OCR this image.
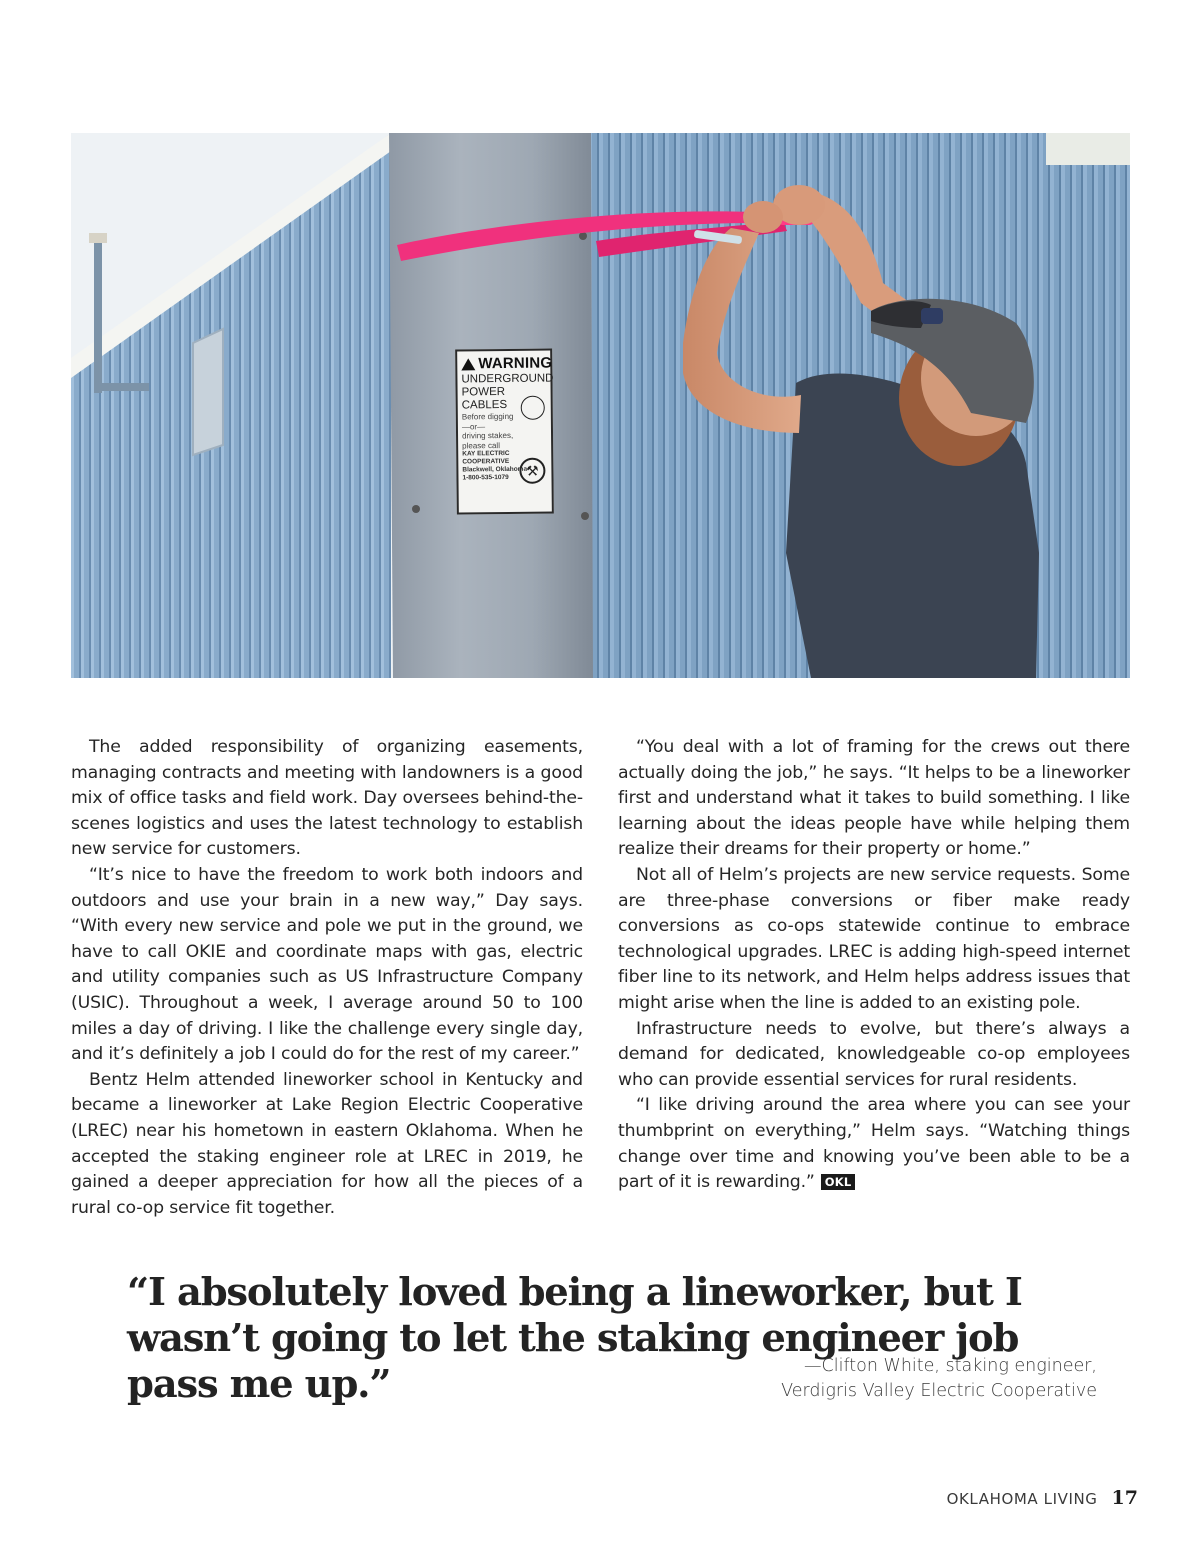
WARNING
UNDERGROUND
POWER
CABLES
Before digging
—or—
driving stakes,
please call
KAY ELECTRIC
COOPERATIVE
Blackwell, Oklahoma
1-800-535-1079	⚒

The added responsibility of organizing easements, managing contracts and meeting with landowners is a good mix of office tasks and field work. Day oversees behind-the-scenes logistics and uses the latest technology to establish new service for customers.

“It’s nice to have the freedom to work both indoors and outdoors and use your brain in a new way,” Day says. “With every new service and pole we put in the ground, we have to call OKIE and coordinate maps with gas, electric and utility companies such as US Infrastructure Company (USIC). Throughout a week, I average around 50 to 100 miles a day of driving. I like the challenge every single day, and it’s definitely a job I could do for the rest of my career.”

Bentz Helm attended lineworker school in Kentucky and became a lineworker at Lake Region Electric Cooperative (LREC) near his hometown in eastern Oklahoma. When he accepted the staking engineer role at LREC in 2019, he gained a deeper appreciation for how all the pieces of a rural co-op service fit together.

“You deal with a lot of framing for the crews out there actually doing the job,” he says. “It helps to be a lineworker first and understand what it takes to build something. I like learning about the ideas people have while helping them realize their dreams for their property or home.”

Not all of Helm’s projects are new service requests. Some are three-phase conversions or fiber make ready conversions as co-ops statewide continue to embrace technological upgrades. LREC is adding high-speed internet fiber line to its network, and Helm helps address issues that might arise when the line is added to an existing pole.

Infrastructure needs to evolve, but there’s always a demand for dedicated, knowledgeable co-op employees who can provide essential services for rural residents.

“I like driving around the area where you can see your thumbprint on everything,” Helm says. “Watching things change over time and knowing you’ve been able to be a part of it is rewarding.” OKL

“I absolutely loved being a lineworker, but I wasn’t going to let the staking engineer job pass me up.”	—Clifton White, staking engineer,
Verdigris Valley Electric Cooperative
OKLAHOMA LIVING 17
